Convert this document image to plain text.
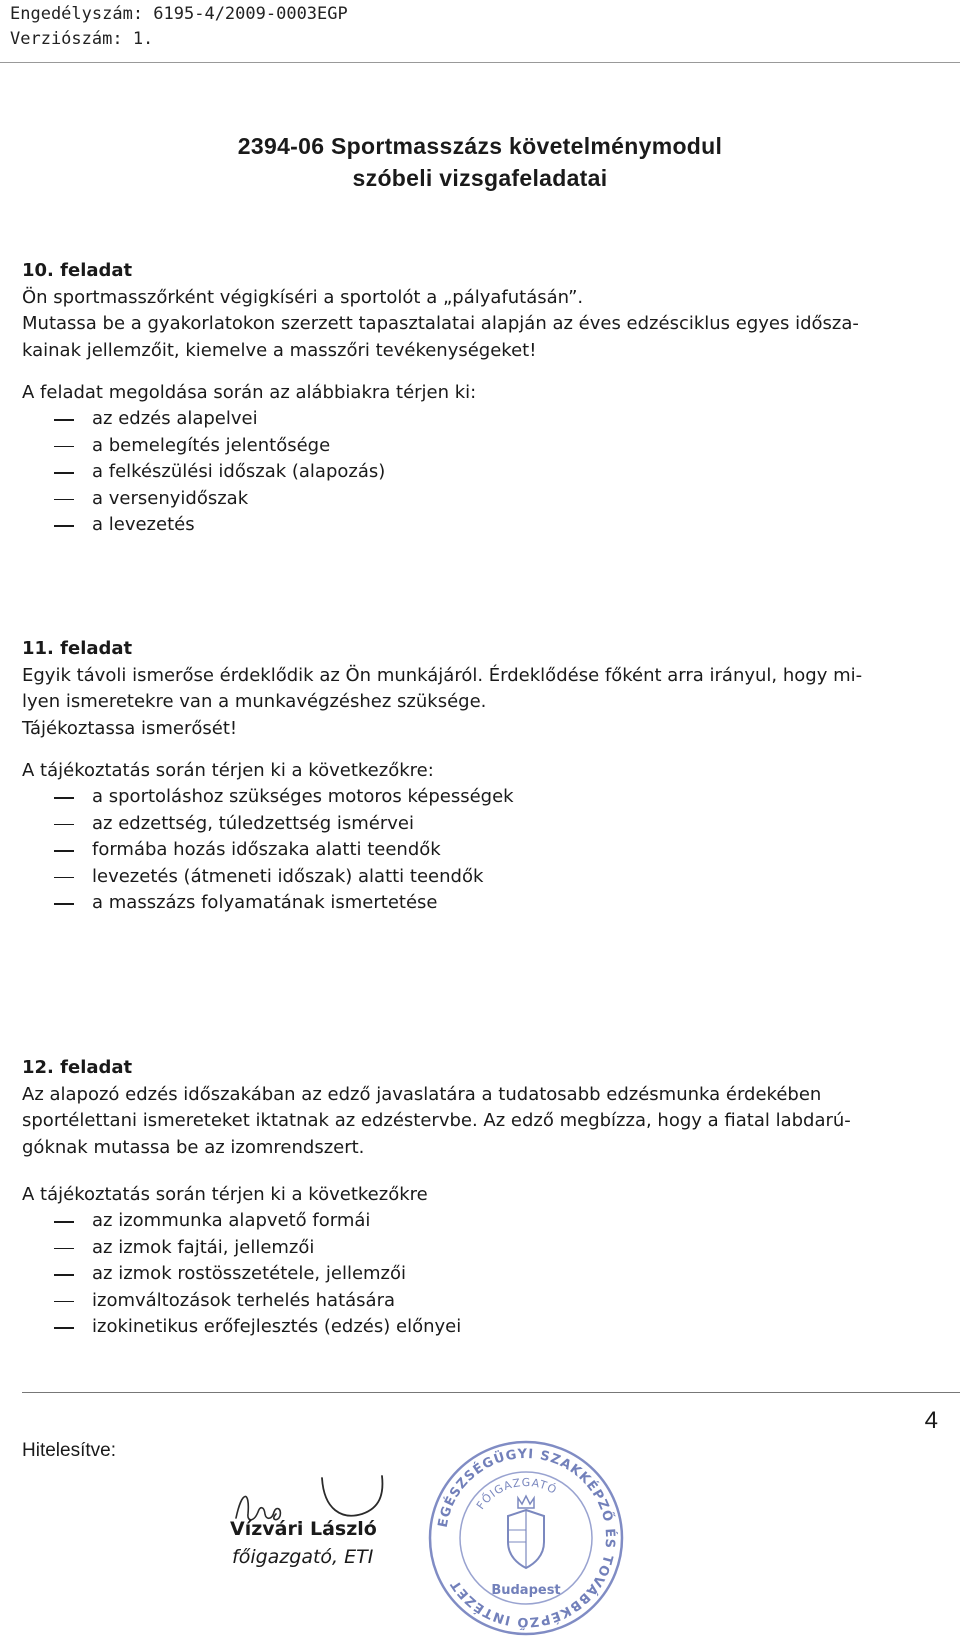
Engedélyszám: 6195-4/2009-0003EGP
Verziószám: 1.
2394-06 Sportmasszázs követelménymodul
szóbeli vizsgafeladatai
10. feladat
Ön sportmasszőrként végigkíséri a sportolót a „pályafutásán”.
Mutassa be a gyakorlatokon szerzett tapasztalatai alapján az éves edzésciklus egyes idősza-
kainak jellemzőit, kiemelve a masszőri tevékenységeket!
A feladat megoldása során az alábbiakra térjen ki:
az edzés alapelvei
a bemelegítés jelentősége
a felkészülési időszak (alapozás)
a versenyidőszak
a levezetés
11. feladat
Egyik távoli ismerőse érdeklődik az Ön munkájáról. Érdeklődése főként arra irányul, hogy mi-
lyen ismeretekre van a munkavégzéshez szüksége.
Tájékoztassa ismerősét!
A tájékoztatás során térjen ki a következőkre:
a sportoláshoz szükséges motoros képességek
az edzettség, túledzettség ismérvei
formába hozás időszaka alatti teendők
levezetés (átmeneti időszak) alatti teendők
a masszázs folyamatának ismertetése
12. feladat
Az alapozó edzés időszakában az edző javaslatára a tudatosabb edzésmunka érdekében
sportélettani ismereteket iktatnak az edzéstervbe. Az edző megbízza, hogy a fiatal labdarú-
góknak mutassa be az izomrendszert.
A tájékoztatás során térjen ki a következőkre
az izommunka alapvető formái
az izmok fajtái, jellemzői
az izmok rostösszetétele, jellemzői
izomváltozások terhelés hatására
izokinetikus erőfejlesztés (edzés) előnyei
4
Hitelesítve:
Vízvári László
főigazgató, ETI
EGÉSZSÉGÜGYI SZAKKÉPZŐ ÉS TOVÁBBKÉPZŐ INTÉZET
FŐIGAZGATÓ
Budapest
